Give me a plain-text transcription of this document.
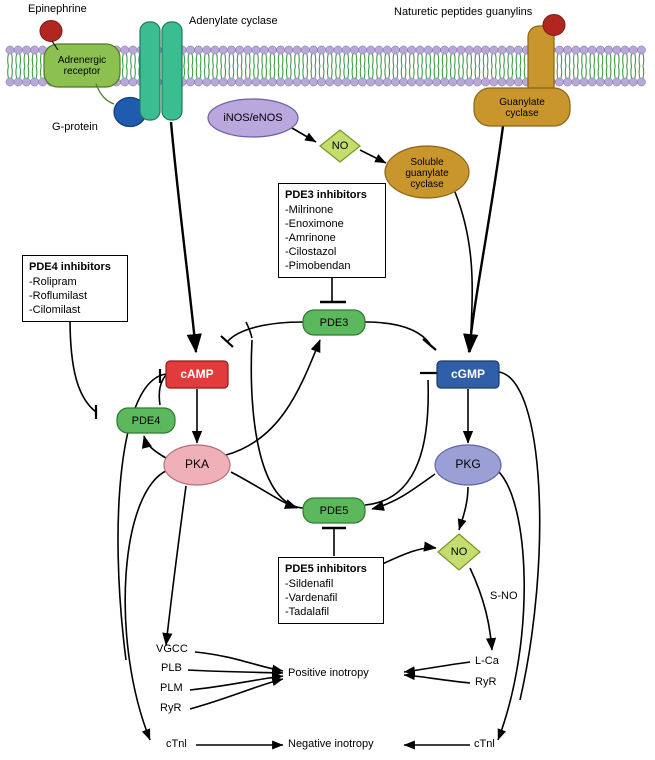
Epinephrine
Adenylate cyclase
Naturetic peptides guanylins
G-protein
Adrenergic
receptor
iNOS/eNOS
NO
Soluble
guanylate
cyclase
Guanylate
cyclase
cAMP	cGMP
PKA	PKG
PDE3
PDE4
PDE5
NO
PDE3 inhibitors
-Milrinone
-Enoximone
-Amrinone
-Cilostazol
-Pimobendan
PDE4 inhibitors
-Rolipram
-Roflumilast
-Cilomilast
PDE5 inhibitors
-Sildenafil
-Vardenafil
-Tadalafil
VGCC
PLB
PLM
RyR
L-Ca
RyR
S-NO
cTnl	cTnl
Positive inotropy
Negative inotropy
